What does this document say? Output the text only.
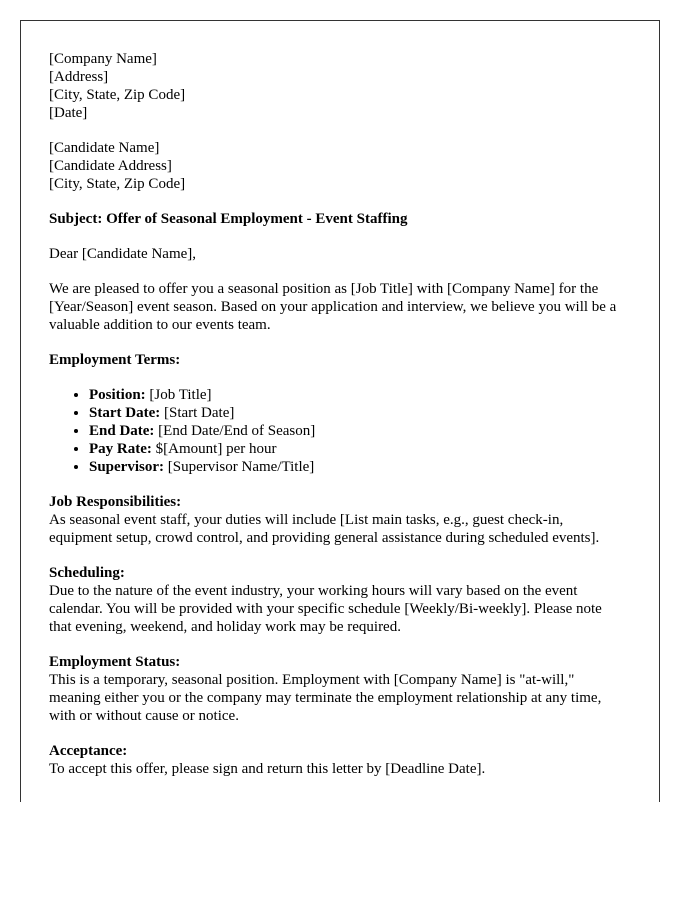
[Company Name]
[Address]
[City, State, Zip Code]
[Date]

[Candidate Name]
[Candidate Address]
[City, State, Zip Code]

Subject: Offer of Seasonal Employment - Event Staffing

Dear [Candidate Name],

We are pleased to offer you a seasonal position as [Job Title] with [Company Name] for the [Year/Season] event season. Based on your application and interview, we believe you will be a valuable addition to our events team.

Employment Terms:

• Position: [Job Title]
• Start Date: [Start Date]
• End Date: [End Date/End of Season]
• Pay Rate: $[Amount] per hour
• Supervisor: [Supervisor Name/Title]

Job Responsibilities:
As seasonal event staff, your duties will include [List main tasks, e.g., guest check-in, equipment setup, crowd control, and providing general assistance during scheduled events].

Scheduling:
Due to the nature of the event industry, your working hours will vary based on the event calendar. You will be provided with your specific schedule [Weekly/Bi-weekly]. Please note that evening, weekend, and holiday work may be required.

Employment Status:
This is a temporary, seasonal position. Employment with [Company Name] is "at-will," meaning either you or the company may terminate the employment relationship at any time, with or without cause or notice.

Acceptance:
To accept this offer, please sign and return this letter by [Deadline Date].
